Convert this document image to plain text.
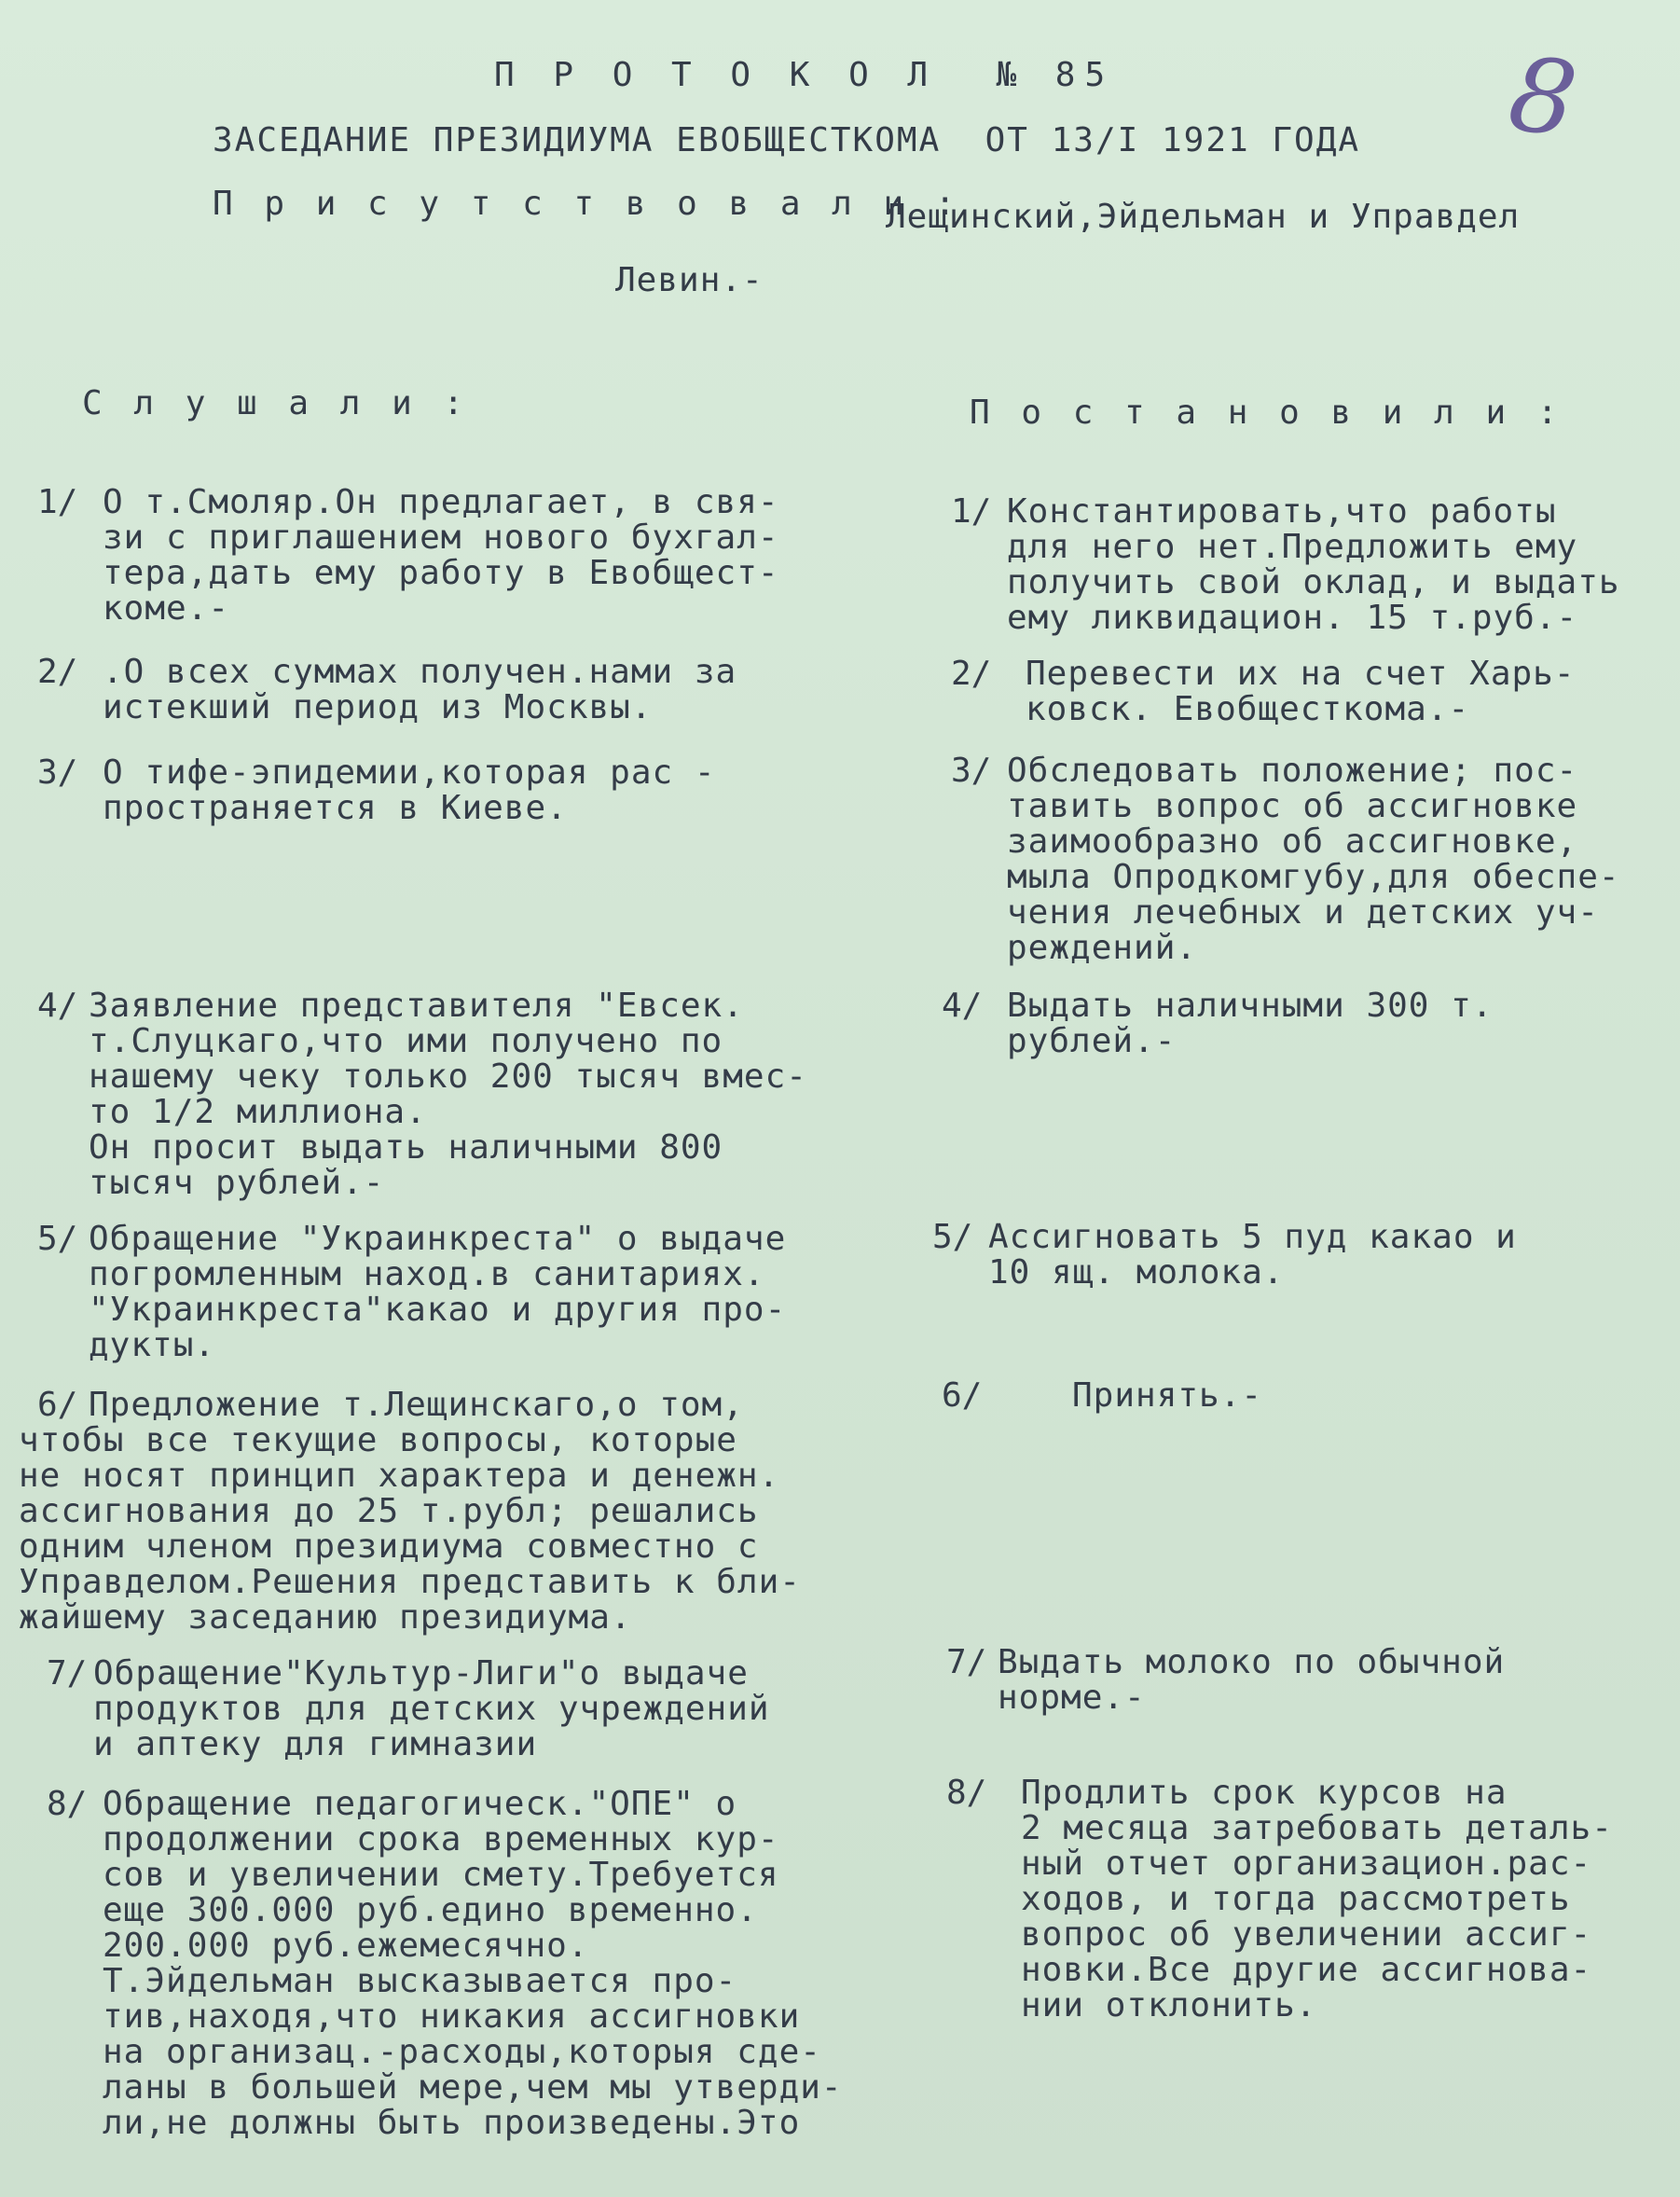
8
П Р О Т О К О Л  № 85
ЗАСЕДАНИЕ ПРЕЗИДИУМА ЕВОБЩЕСТКОМА  ОТ 13/I 1921 ГОДА
П р и с у т с т в о в а л и :
Лещинский,Эйдельман и Управдел
Левин.-
С л у ш а л и :	П о с т а н о в и л и :
1/ О т.Смоляр.Он предлагает, в свя-
зи с приглашением нового бухгал-
тера,дать ему работу в Евобщест-
коме.-
1/ Константировать,что работы
для него нет.Предложить ему
получить свой оклад, и выдать
ему ликвидацион. 15 т.руб.-
2/ .О всех суммах получен.нами за
истекший период из Москвы.
2/ Перевести их на счет Харь-
ковск. Евобщесткома.-
3/ О тифе-эпидемии,которая рас -
пространяется в Киеве.
3/ Обследовать положение; пос-
тавить вопрос об ассигновке
заимообразно об ассигновке,
мыла Опродкомгубу,для обеспе-
чения лечебных и детских уч-
реждений.
4/ Заявление представителя "Евсек.
т.Слуцкаго,что ими получено по
нашему чеку только 200 тысяч вмес-
то 1/2 миллиона.
Он просит выдать наличными 800
тысяч рублей.-
4/ Выдать наличными 300 т.
рублей.-
5/ Обращение "Украинкреста" о выдаче
погромленным наход.в санитариях.
"Украинкреста"какао и другия про-
дукты.
5/ Ассигновать 5 пуд какао и
10 ящ. молока.
6/ Предложение т.Лещинскаго,о том,
чтобы все текущие вопросы, которые
не носят принцип характера и денежн.
ассигнования до 25 т.рубл; решались
одним членом президиума совместно с
Управделом.Решения представить к бли-
жайшему заседанию президиума.
6/	Принять.-
7/ Обращение"Культур-Лиги"о выдаче
продуктов для детских учреждений
и аптеку для гимназии
7/ Выдать молоко по обычной
норме.-
8/ Обращение педагогическ."ОПЕ" о
продолжении срока временных кур-
сов и увеличении смету.Требуется
еще 300.000 руб.едино временно.
200.000 руб.ежемесячно.
Т.Эйдельман высказывается про-
тив,находя,что никакия ассигновки
на организац.-расходы,которыя сде-
ланы в большей мере,чем мы утверди-
ли,не должны быть произведены.Это
8/ Продлить срок курсов на
2 месяца затребовать деталь-
ный отчет организацион.рас-
ходов, и тогда рассмотреть
вопрос об увеличении ассиг-
новки.Все другие ассигнова-
нии отклонить.
